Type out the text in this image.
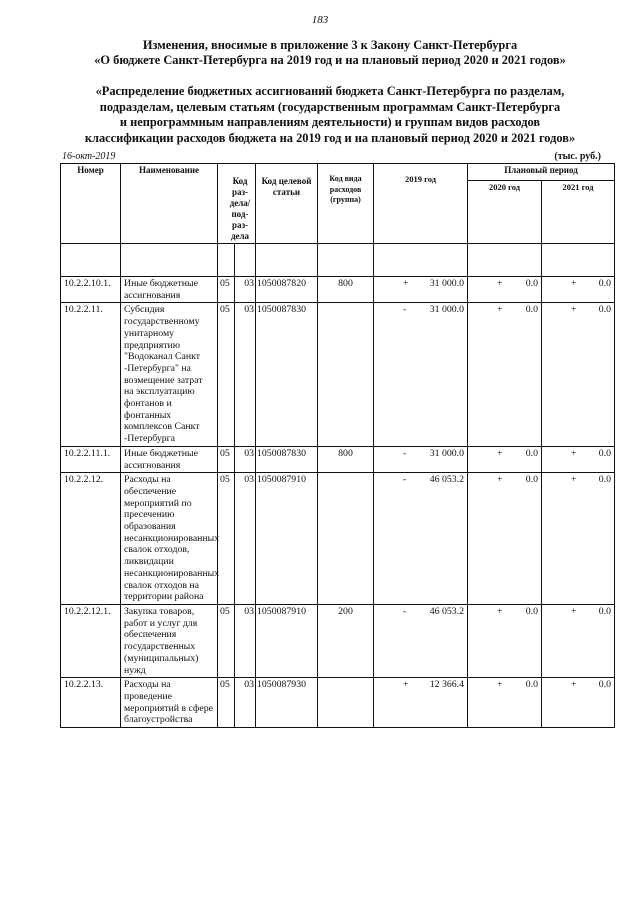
183
Изменения, вносимые в приложение 3 к Закону Санкт-Петербурга
«О бюджете Санкт-Петербурга на 2019 год и на плановый период 2020 и 2021 годов»
«Распределение бюджетных ассигнований бюджета Санкт-Петербурга по разделам,
подразделам, целевым статьям (государственным программам Санкт-Петербурга
и непрограммным направлениям деятельности) и группам видов расходов
классификации расходов бюджета на 2019 год и на плановый период 2020 и 2021 годов»
16-окт-2019	(тыс. руб.)
Номер	Наименование	Код раз-дела/ под-раз-дела		Код целевой статьи	Код вида расходов (группа)	2019 год	Плановый период	
							2020 год	2021 год

10.2.2.10.1.	Иные бюджетные ассигнования	05	03	1050087820	800	+ 31 000.0	+ 0.0	+ 0.0
10.2.2.11.	Субсидия государственному унитарному предприятию "Водоканал Санкт -Петербурга" на возмещение затрат на эксплуатацию фонтанов и фонтанных комплексов Санкт -Петербурга	05	03	1050087830		- 31 000.0	+ 0.0	+ 0.0
10.2.2.11.1.	Иные бюджетные ассигнования	05	03	1050087830	800	- 31 000.0	+ 0.0	+ 0.0
10.2.2.12.	Расходы на обеспечение мероприятий по пресечению образования несанкционированных свалок отходов, ликвидации несанкционированных свалок отходов на территории района	05	03	1050087910		- 46 053.2	+ 0.0	+ 0.0
10.2.2.12.1.	Закупка товаров, работ и услуг для обеспечения государственных (муниципальных) нужд	05	03	1050087910	200	- 46 053.2	+ 0.0	+ 0.0
10.2.2.13.	Расходы на проведение мероприятий в сфере благоустройства	05	03	1050087930		+ 12 366.4	+ 0.0	+ 0.0
